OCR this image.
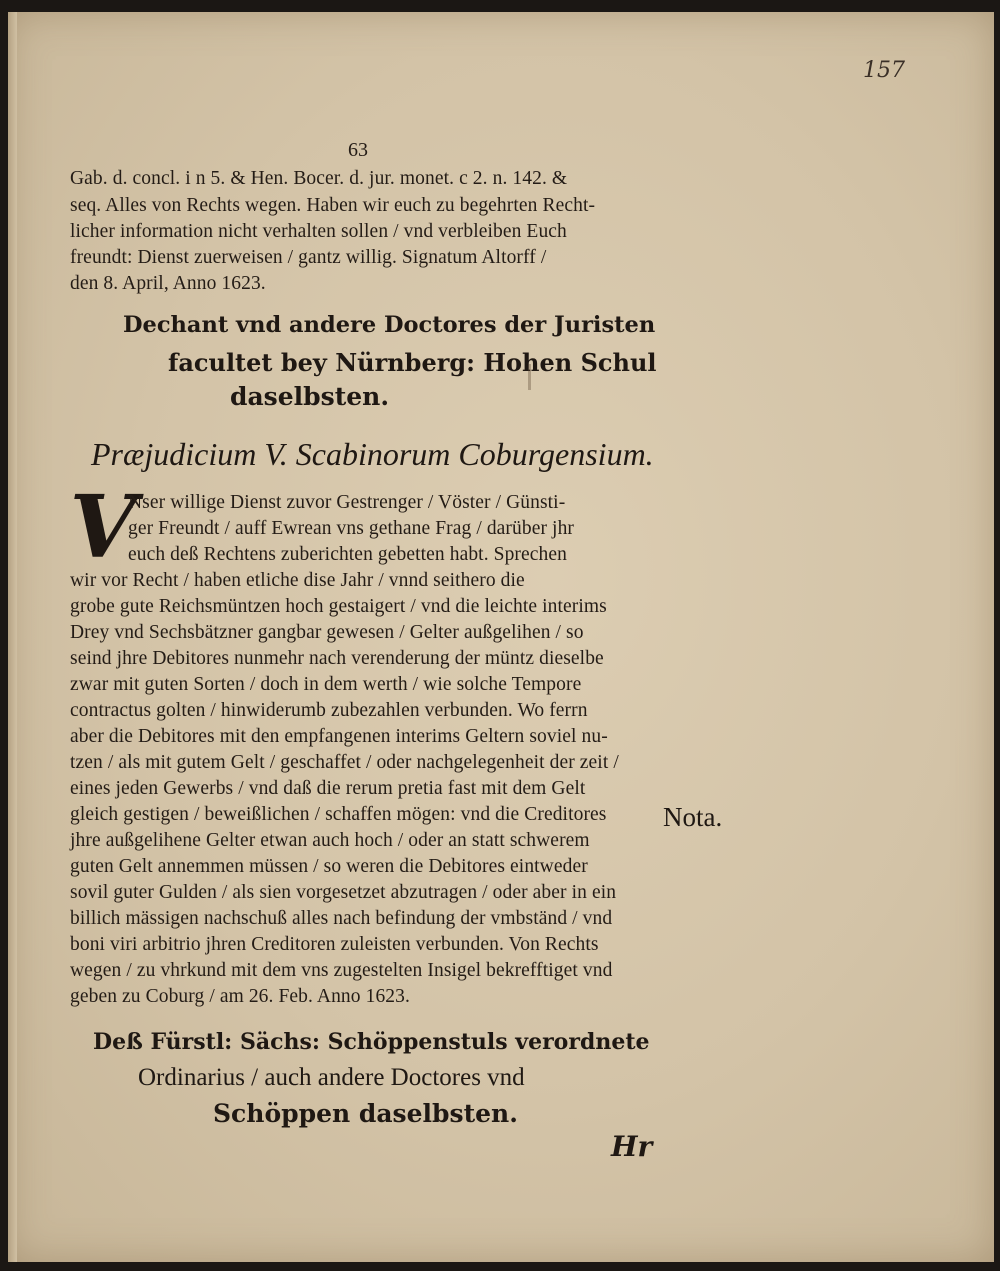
157
63
Gab. d. concl. i n 5. & Hen. Bocer. d. jur. monet. c 2. n. 142. &
seq. Alles von Rechts wegen. Haben wir euch zu begehrten Recht-
licher information nicht verhalten sollen / vnd verbleiben Euch
freundt: Dienst zuerweisen / gantz willig. Signatum Altorff /
den 8. April, Anno 1623.
Dechant vnd andere Doctores der Juristen
facultet bey Nürnberg: Hohen Schul
daselbsten.
Præjudicium V. Scabinorum Coburgensium.
V
Nser willige Dienst zuvor Gestrenger / Vöster / Günsti-
ger Freundt / auff Ewrean vns gethane Frag / darüber jhr
euch deß Rechtens zuberichten gebetten habt. Sprechen
wir vor Recht / haben etliche dise Jahr / vnnd seithero die
grobe gute Reichsmüntzen hoch gestaigert / vnd die leichte interims
Drey vnd Sechsbätzner gangbar gewesen / Gelter außgelihen / so
seind jhre Debitores nunmehr nach verenderung der müntz dieselbe
zwar mit guten Sorten / doch in dem werth / wie solche Tempore
contractus golten / hinwiderumb zubezahlen verbunden. Wo ferrn
aber die Debitores mit den empfangenen interims Geltern soviel nu-
tzen / als mit gutem Gelt / geschaffet / oder nachgelegenheit der zeit /
eines jeden Gewerbs / vnd daß die rerum pretia fast mit dem Gelt
gleich gestigen / beweißlichen / schaffen mögen: vnd die Creditores
jhre außgelihene Gelter etwan auch hoch / oder an statt schwerem
guten Gelt annemmen müssen / so weren die Debitores eintweder
sovil guter Gulden / als sien vorgesetzet abzutragen / oder aber in ein
billich mässigen nachschuß alles nach befindung der vmbständ / vnd
boni viri arbitrio jhren Creditoren zuleisten verbunden. Von Rechts
wegen / zu vhrkund mit dem vns zugestelten Insigel bekrefftiget vnd
geben zu Coburg / am 26. Feb. Anno 1623.
Nota.
Deß Fürstl: Sächs: Schöppenstuls verordnete
Ordinarius / auch andere Doctores vnd
Schöppen daselbsten.
Hr
